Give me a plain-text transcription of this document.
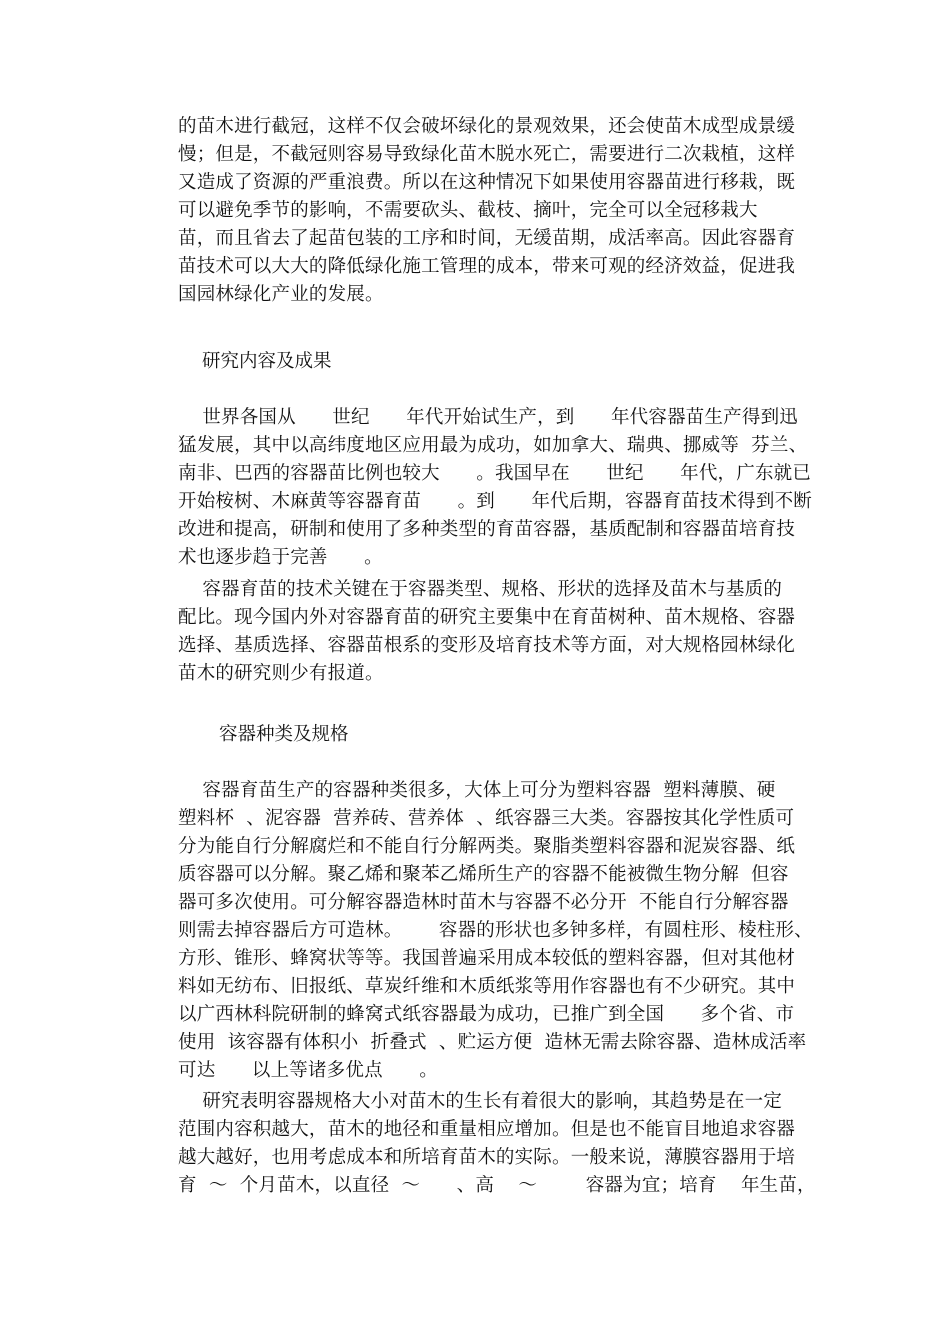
的苗木进行截冠，这样不仅会破坏绿化的景观效果，还会使苗木成型成景缓
慢；但是，不截冠则容易导致绿化苗木脱水死亡，需要进行二次栽植，这样
又造成了资源的严重浪费。所以在这种情况下如果使用容器苗进行移栽，既
可以避免季节的影响，不需要砍头、截枝、摘叶，完全可以全冠移栽大
苗，而且省去了起苗包装的工序和时间，无缓苗期，成活率高。因此容器育
苗技术可以大大的降低绿化施工管理的成本，带来可观的经济效益，促进我
国园林绿化产业的发展。
研究内容及成果
世界各国从      世纪      年代开始试生产，到      年代容器苗生产得到迅
猛发展，其中以高纬度地区应用最为成功，如加拿大、瑞典、挪威等  芬兰、
南非、巴西的容器苗比例也较大      。我国早在      世纪      年代，广东就已
开始桉树、木麻黄等容器育苗      。到      年代后期，容器育苗技术得到不断
改进和提高，研制和使用了多种类型的育苗容器，基质配制和容器苗培育技
术也逐步趋于完善      。
容器育苗的技术关键在于容器类型、规格、形状的选择及苗木与基质的
配比。现今国内外对容器育苗的研究主要集中在育苗树种、苗木规格、容器
选择、基质选择、容器苗根系的变形及培育技术等方面，对大规格园林绿化
苗木的研究则少有报道。
容器种类及规格
容器育苗生产的容器种类很多，大体上可分为塑料容器  塑料薄膜、硬
塑料杯  、泥容器  营养砖、营养体  、纸容器三大类。容器按其化学性质可
分为能自行分解腐烂和不能自行分解两类。聚脂类塑料容器和泥炭容器、纸
质容器可以分解。聚乙烯和聚苯乙烯所生产的容器不能被微生物分解  但容
器可多次使用。可分解容器造林时苗木与容器不必分开  不能自行分解容器
则需去掉容器后方可造林。      容器的形状也多钟多样，有圆柱形、棱柱形、
方形、锥形、蜂窝状等等。我国普遍采用成本较低的塑料容器，但对其他材
料如无纺布、旧报纸、草炭纤维和木质纸浆等用作容器也有不少研究。其中
以广西林科院研制的蜂窝式纸容器最为成功，已推广到全国      多个省、市
使用  该容器有体积小  折叠式  、贮运方便  造林无需去除容器、造林成活率
可达      以上等诸多优点      。
研究表明容器规格大小对苗木的生长有着很大的影响，其趋势是在一定
范围内容积越大，苗木的地径和重量相应增加。但是也不能盲目地追求容器
越大越好，也用考虑成本和所培育苗木的实际。一般来说，薄膜容器用于培
育  ～  个月苗木，以直径  ～      、高    ～        容器为宜；培育    年生苗，
